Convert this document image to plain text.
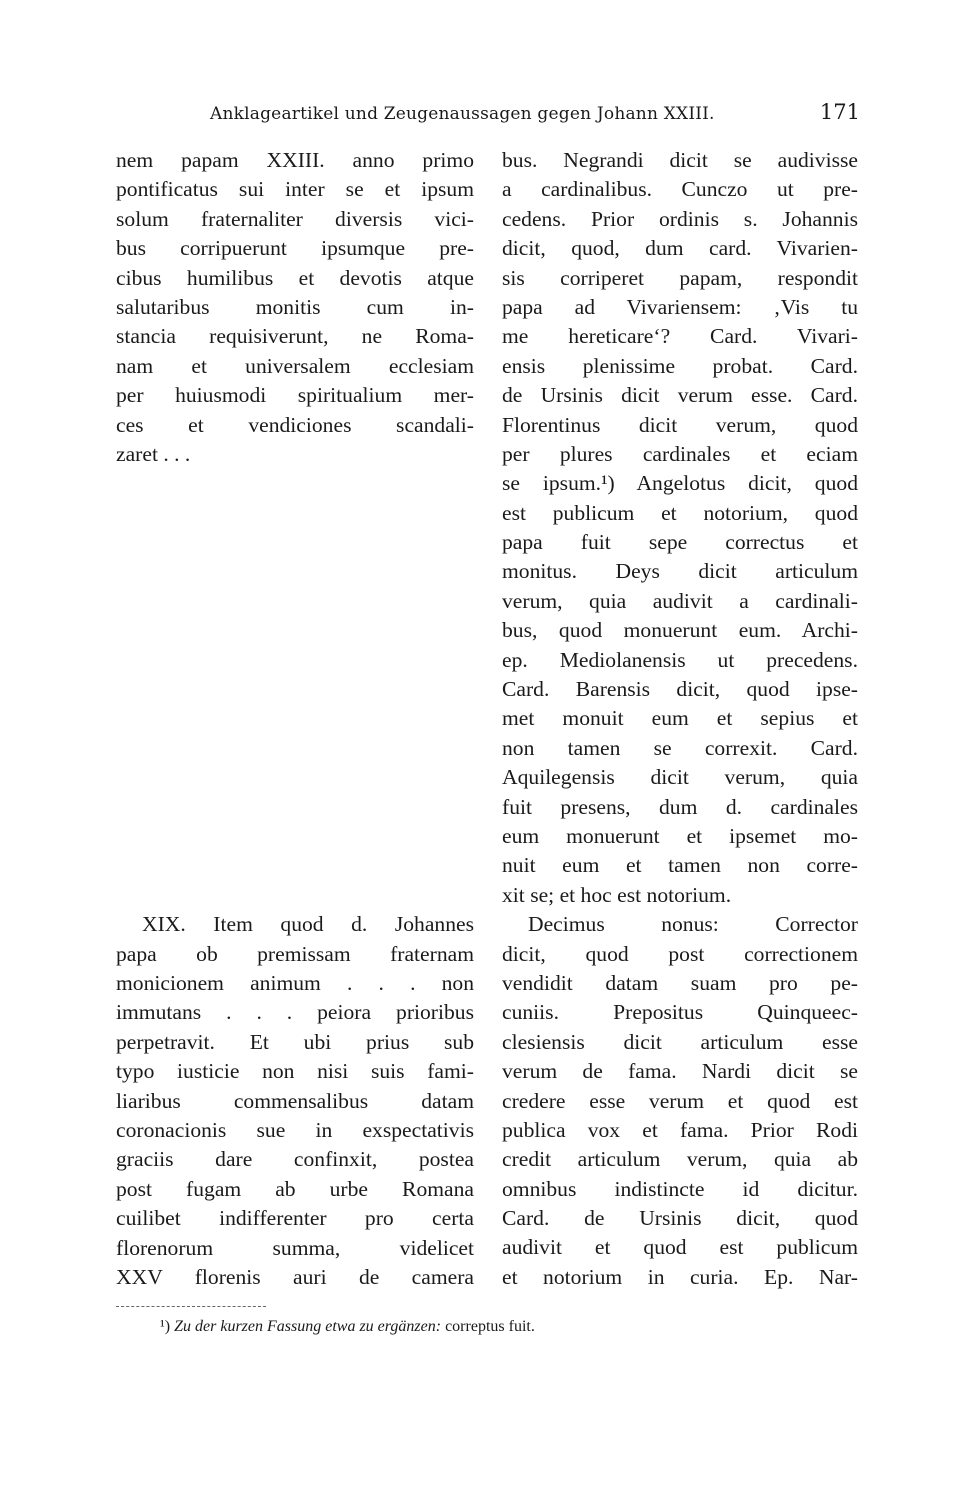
Anklageartikel und Zeugenaussagen gegen Johann XXIII.	171
nem papam XXIII. anno primo
pontificatus sui inter se et ipsum
solum fraternaliter diversis vici-
bus corripuerunt ipsumque pre-
cibus humilibus et devotis atque
salutaribus monitis cum in-
stancia requisiverunt, ne Roma-
nam et universalem ecclesiam
per huiusmodi spiritualium mer-
ces et vendiciones scandali-
zaret . . .
XIX. Item quod d. Johannes
papa ob premissam fraternam
monicionem animum . . . non
immutans . . . peiora prioribus
perpetravit. Et ubi prius sub
typo iusticie non nisi suis fami-
liaribus commensalibus datam
coronacionis sue in exspectativis
graciis dare confinxit, postea
post fugam ab urbe Romana
cuilibet indifferenter pro certa
florenorum summa, videlicet
XXV florenis auri de camera
bus. Negrandi dicit se audivisse
a cardinalibus. Cunczo ut pre-
cedens. Prior ordinis s. Johannis
dicit, quod, dum card. Vivarien-
sis corriperet papam, respondit
papa ad Vivariensem: ‚Vis tu
me hereticare‘? Card. Vivari-
ensis plenissime probat. Card.
de Ursinis dicit verum esse. Card.
Florentinus dicit verum, quod
per plures cardinales et eciam
se ipsum.¹) Angelotus dicit, quod
est publicum et notorium, quod
papa fuit sepe correctus et
monitus. Deys dicit articulum
verum, quia audivit a cardinali-
bus, quod monuerunt eum. Archi-
ep. Mediolanensis ut precedens.
Card. Barensis dicit, quod ipse-
met monuit eum et sepius et
non tamen se correxit. Card.
Aquilegensis dicit verum, quia
fuit presens, dum d. cardinales
eum monuerunt et ipsemet mo-
nuit eum et tamen non corre-
xit se; et hoc est notorium.
Decimus nonus: Corrector
dicit, quod post correctionem
vendidit datam suam pro pe-
cuniis. Prepositus Quinqueec-
clesiensis dicit articulum esse
verum de fama. Nardi dicit se
credere esse verum et quod est
publica vox et fama. Prior Rodi
credit articulum verum, quia ab
omnibus indistincte id dicitur.
Card. de Ursinis dicit, quod
audivit et quod est publicum
et notorium in curia. Ep. Nar-
¹) Zu der kurzen Fassung etwa zu ergänzen: correptus fuit.
